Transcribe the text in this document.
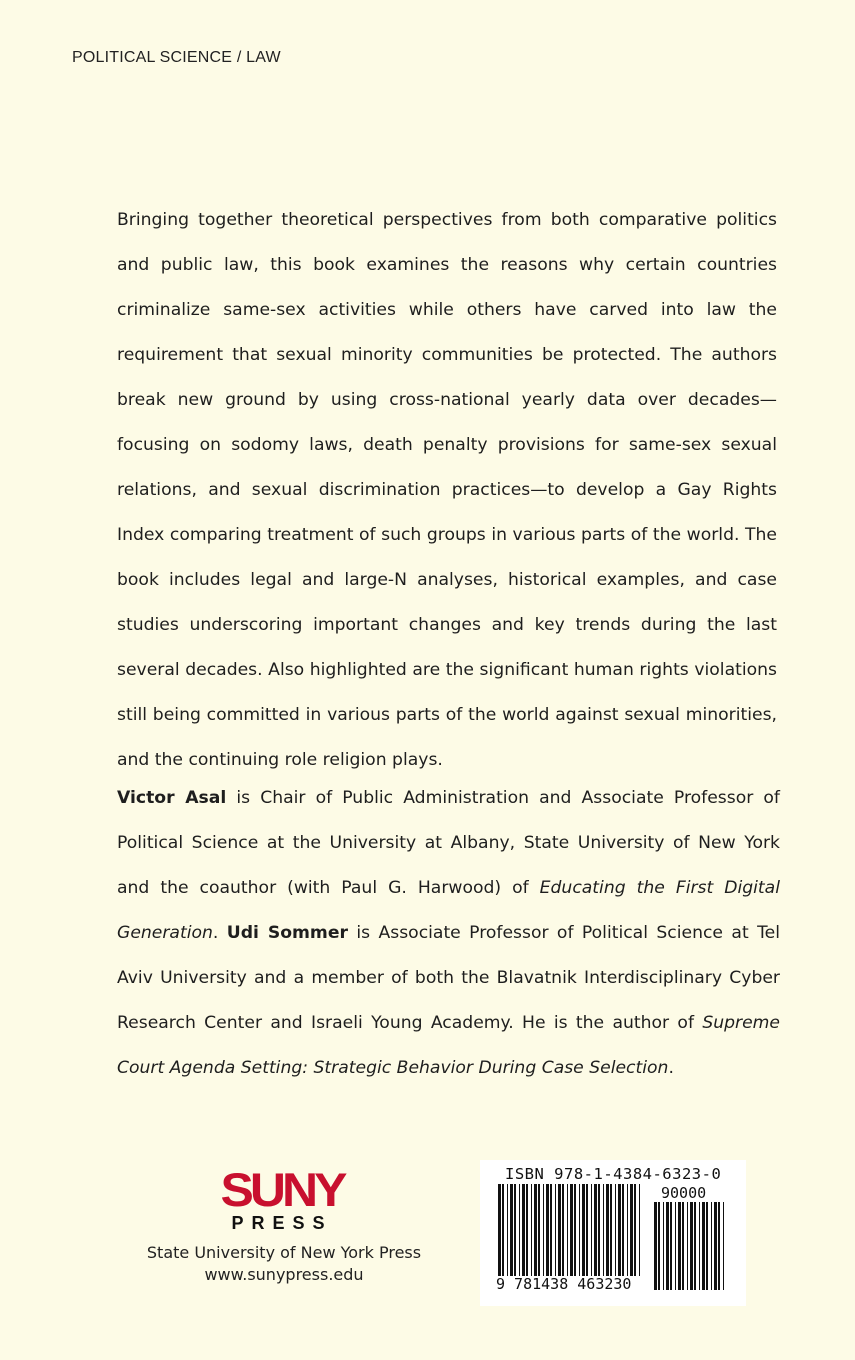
POLITICAL SCIENCE / LAW

Bringing together theoretical perspectives from both comparative politics and public law, this book examines the reasons why certain countries criminalize same-sex activities while others have carved into law the requirement that sexual minority communities be protected. The authors break new ground by using cross-national yearly data over decades—focusing on sodomy laws, death penalty provisions for same-sex sexual relations, and sexual discrimination practices—to develop a Gay Rights Index comparing treatment of such groups in various parts of the world. The book includes legal and large-N analyses, historical examples, and case studies underscoring important changes and key trends during the last several decades. Also highlighted are the significant human rights violations still being committed in various parts of the world against sexual minorities, and the continuing role religion plays.

Victor Asal is Chair of Public Administration and Associate Professor of Political Science at the University at Albany, State University of New York and the coauthor (with Paul G. Harwood) of Educating the First Digital Generation. Udi Sommer is Associate Professor of Political Science at Tel Aviv University and a member of both the Blavatnik Interdisciplinary Cyber Research Center and Israeli Young Academy. He is the author of Supreme Court Agenda Setting: Strategic Behavior During Case Selection.

SUNY
PRESS
State University of New York Press
www.sunypress.edu
ISBN 978-1-4384-6323-0
90000
9 781438 463230
